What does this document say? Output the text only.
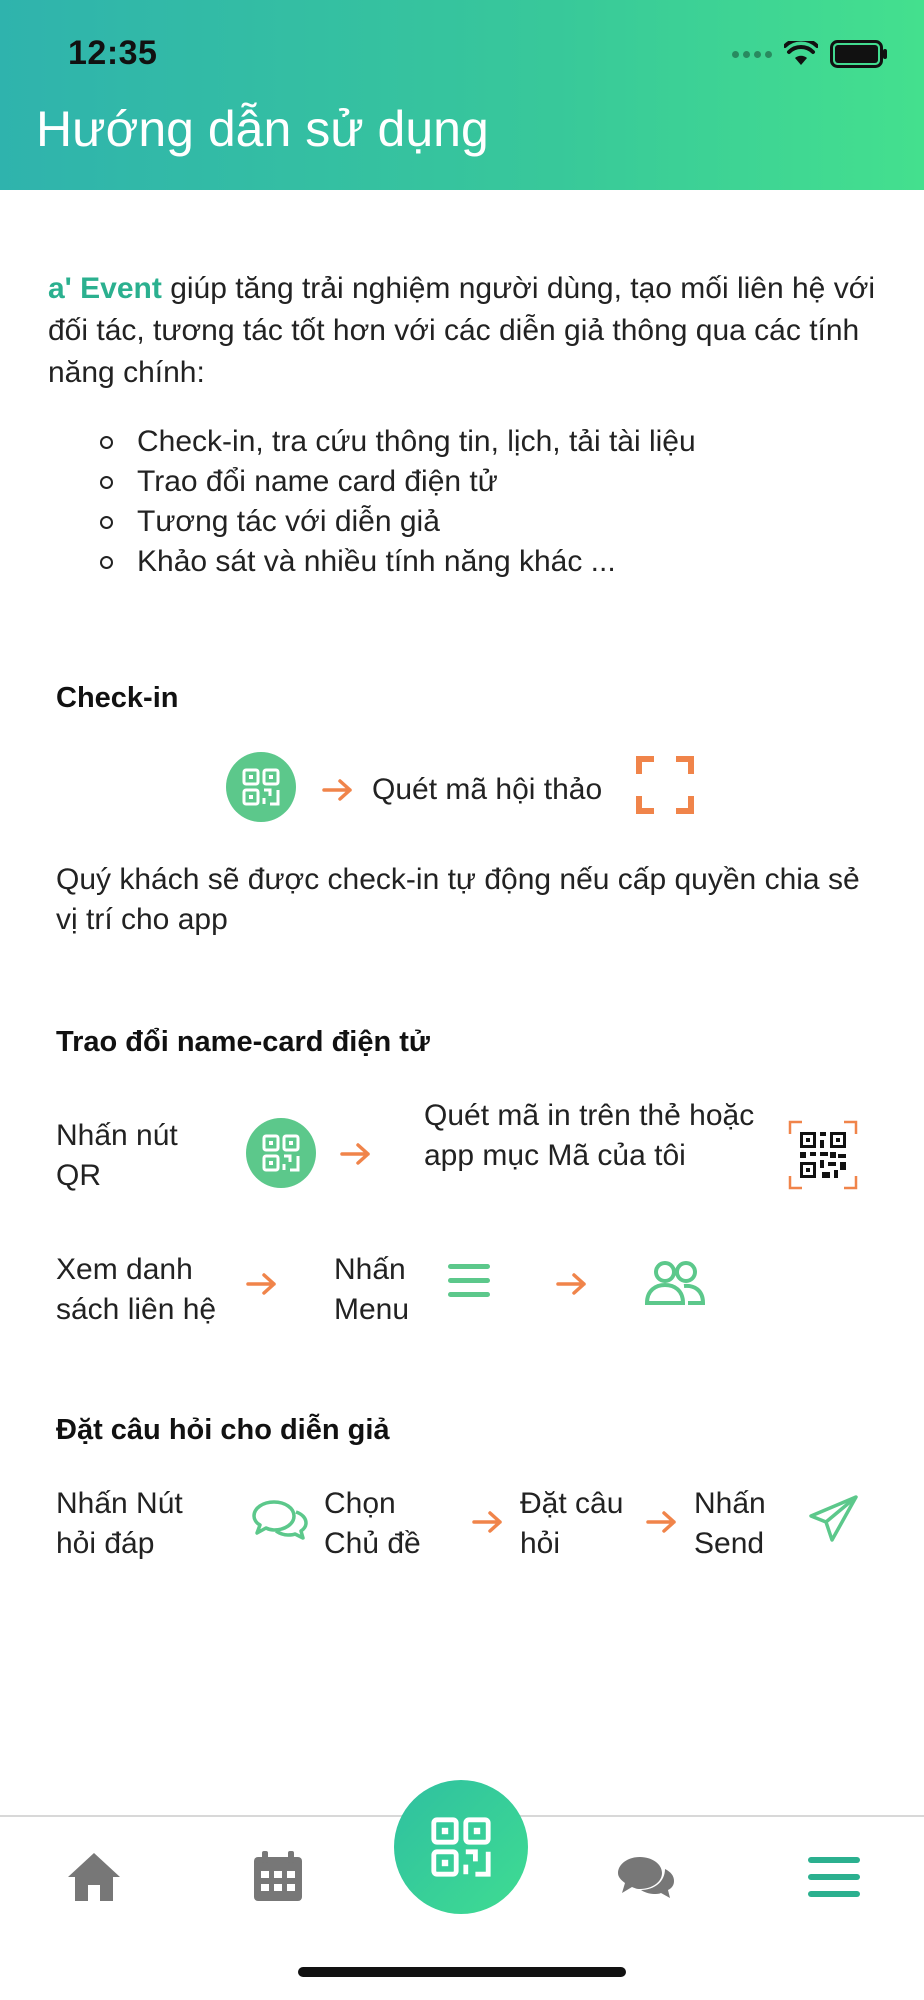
12:35
Hướng dẫn sử dụng

a' Event giúp tăng trải nghiệm người dùng, tạo mối liên hệ với đối tác, tương tác tốt hơn với các diễn giả thông qua các tính năng chính:

Check-in, tra cứu thông tin, lịch, tải tài liệu
Trao đổi name card điện tử
Tương tác với diễn giả
Khảo sát và nhiều tính năng khác ...
Check-in
Quét mã hội thảo
Quý khách sẽ được check-in tự động nếu cấp quyền chia sẻ vị trí cho app
Trao đổi name-card điện tử
Nhấn nút QR
Quét mã in trên thẻ hoặc app mục Mã của tôi
Xem danh sách liên hệ
Nhấn Menu
Đặt câu hỏi cho diễn giả
Nhấn Nút hỏi đáp
Chọn Chủ đề
Đặt câu hỏi
Nhấn Send
